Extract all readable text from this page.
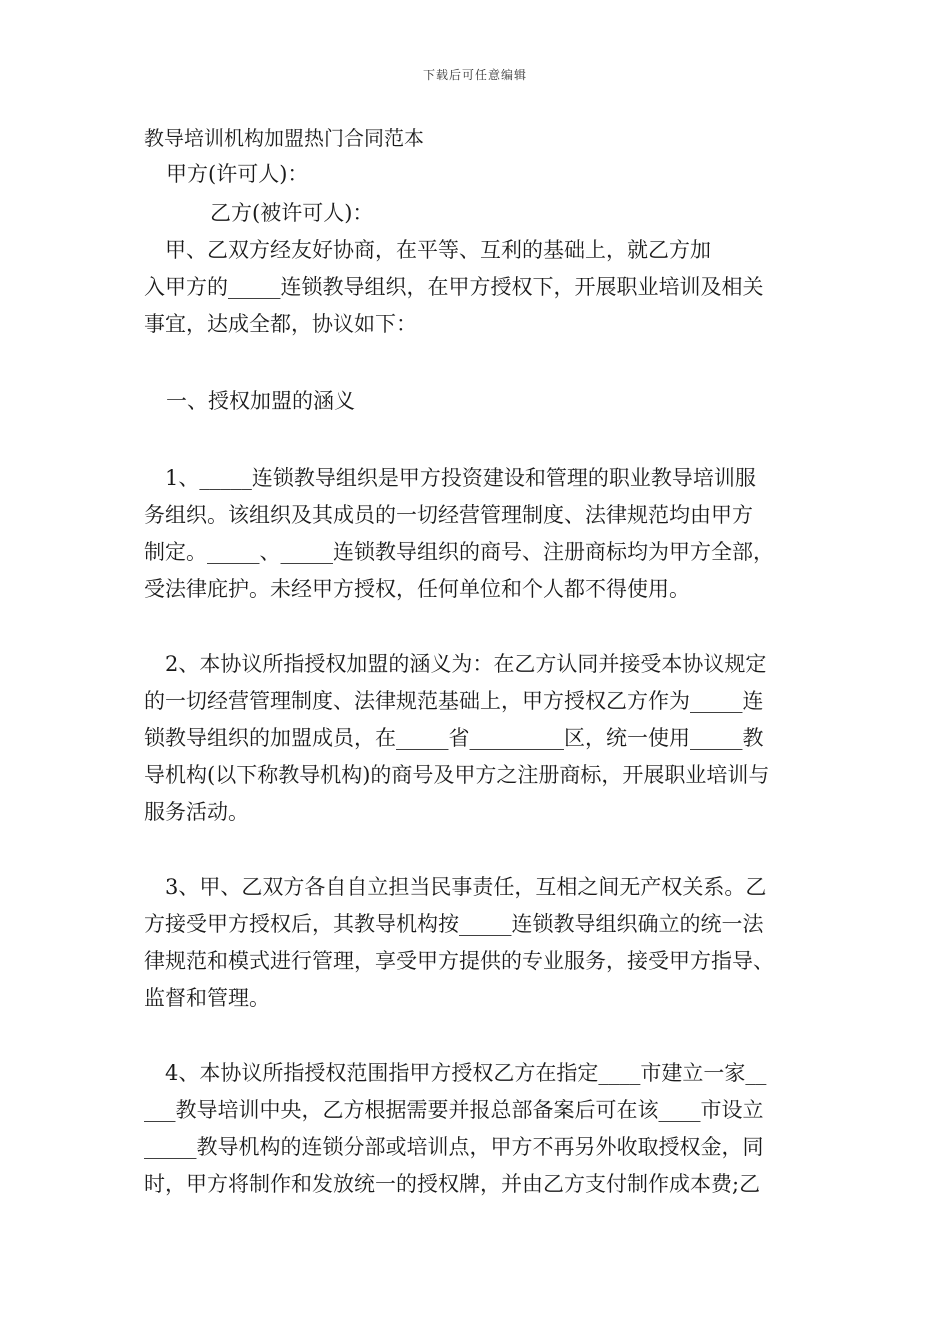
下载后可任意编辑
教导培训机构加盟热门合同范本

甲方(许可人)：

乙方(被许可人)：

　甲、乙双方经友好协商，在平等、互利的基础上，就乙方加
入甲方的_____连锁教导组织，在甲方授权下，开展职业培训及相关
事宜，达成全都，协议如下：

一、授权加盟的涵义

　1、_____连锁教导组织是甲方投资建设和管理的职业教导培训服
务组织。该组织及其成员的一切经营管理制度、法律规范均由甲方
制定。_____、_____连锁教导组织的商号、注册商标均为甲方全部，
受法律庇护。未经甲方授权，任何单位和个人都不得使用。

　2、本协议所指授权加盟的涵义为：在乙方认同并接受本协议规定
的一切经营管理制度、法律规范基础上，甲方授权乙方作为_____连
锁教导组织的加盟成员，在_____省_________区，统一使用_____教
导机构(以下称教导机构)的商号及甲方之注册商标，开展职业培训与
服务活动。

　3、甲、乙双方各自自立担当民事责任，互相之间无产权关系。乙
方接受甲方授权后，其教导机构按_____连锁教导组织确立的统一法
律规范和模式进行管理，享受甲方提供的专业服务，接受甲方指导、
监督和管理。

　4、本协议所指授权范围指甲方授权乙方在指定____市建立一家__
___教导培训中央，乙方根据需要并报总部备案后可在该____市设立
_____教导机构的连锁分部或培训点，甲方不再另外收取授权金，同
时，甲方将制作和发放统一的授权牌，并由乙方支付制作成本费;乙
